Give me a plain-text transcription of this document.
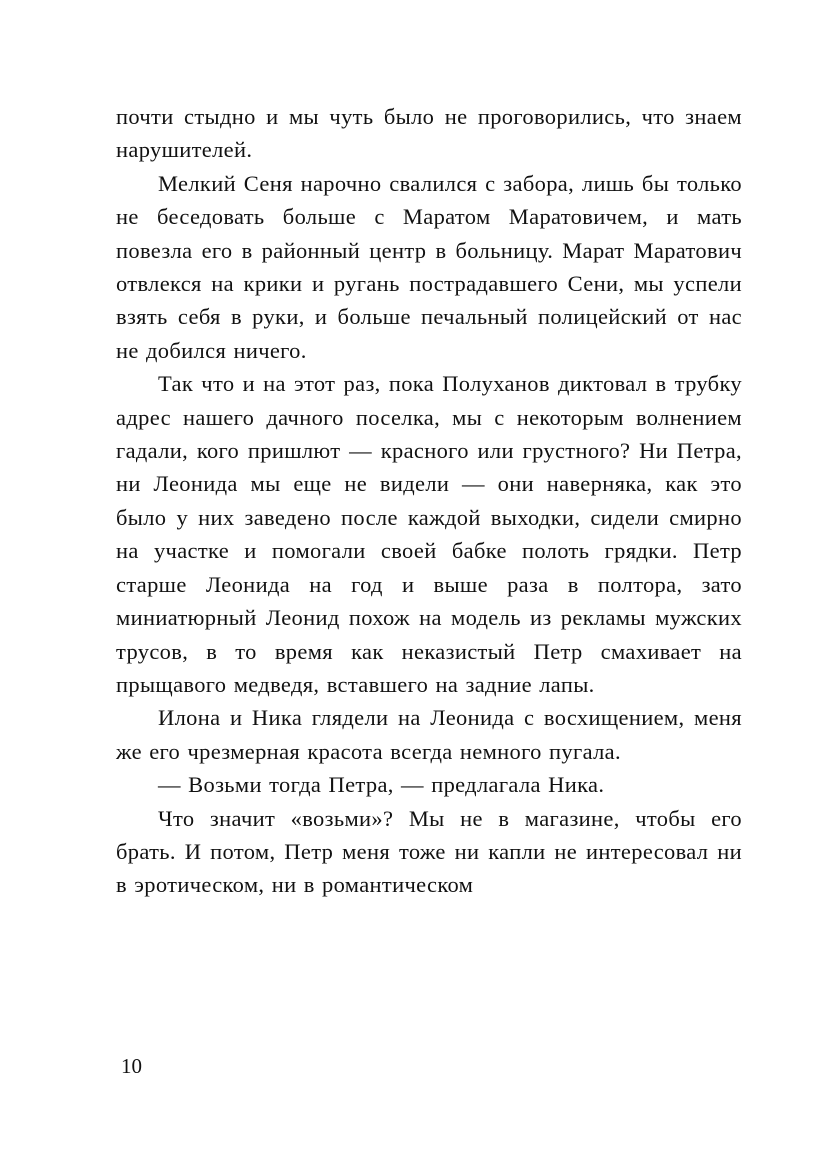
почти стыдно и мы чуть было не проговорились, что знаем нарушителей.

Мелкий Сеня нарочно свалился с забора, лишь бы только не беседовать больше с Маратом Маратовичем, и мать повезла его в районный центр в больницу. Марат Маратович отвлекся на крики и ругань пострадавшего Сени, мы успели взять себя в руки, и больше печальный полицейский от нас не добился ничего.

Так что и на этот раз, пока Полуханов диктовал в трубку адрес нашего дачного поселка, мы с некоторым волнением гадали, кого пришлют — красного или грустного? Ни Петра, ни Леонида мы еще не видели — они наверняка, как это было у них заведено после каждой выходки, сидели смирно на участке и помогали своей бабке полоть грядки. Петр старше Леонида на год и выше раза в полтора, зато миниатюрный Леонид похож на модель из рекламы мужских трусов, в то время как неказистый Петр смахивает на прыщавого медведя, вставшего на задние лапы.

Илона и Ника глядели на Леонида с восхищением, меня же его чрезмерная красота всегда немного пугала.

— Возьми тогда Петра, — предлагала Ника.

Что значит «возьми»? Мы не в магазине, чтобы его брать. И потом, Петр меня тоже ни капли не интересовал ни в эротическом, ни в романтическом

10
